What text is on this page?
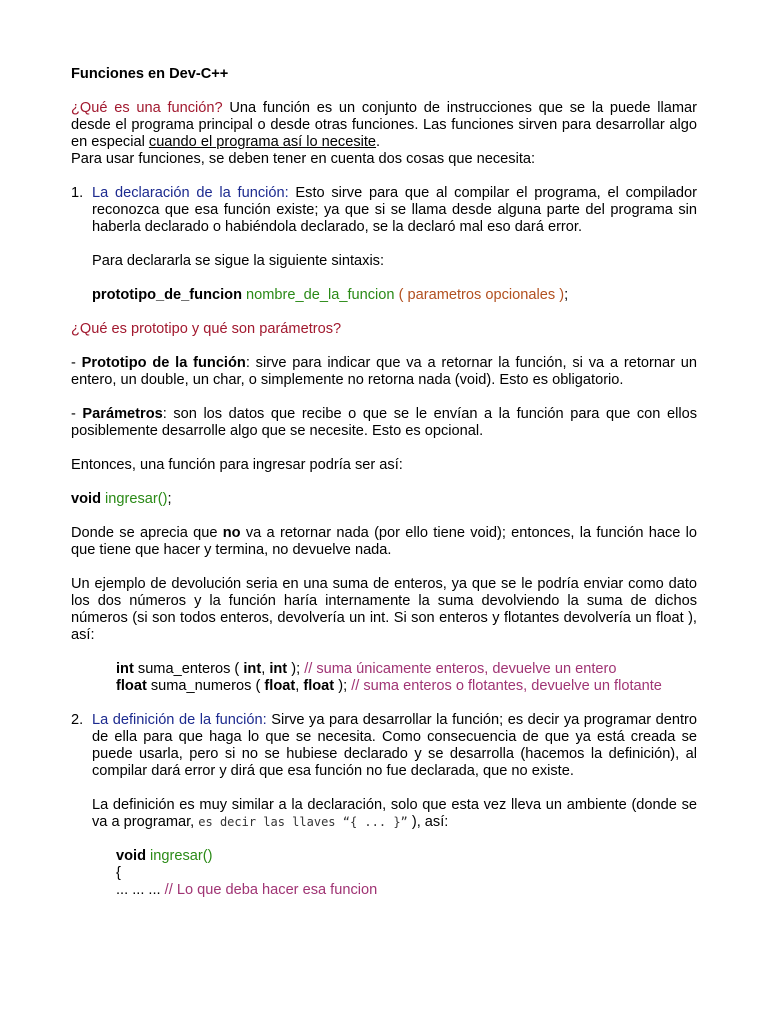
Funciones en Dev-C++

¿Qué es una función? Una función es un conjunto de instrucciones que se la puede llamar desde el programa principal o desde otras funciones. Las funciones sirven para desarrollar algo en especial cuando el programa así lo necesite.

Para usar funciones, se deben tener en cuenta dos cosas que necesita:

1. La declaración de la función: Esto sirve para que al compilar el programa, el compilador reconozca que esa función existe; ya que si se llama desde alguna parte del programa sin haberla declarado o habiéndola declarado, se la declaró mal eso dará error.

Para declararla se sigue la siguiente sintaxis:

prototipo_de_funcion nombre_de_la_funcion ( parametros opcionales );

¿Qué es prototipo y qué son parámetros?

- Prototipo de la función: sirve para indicar que va a retornar la función, si va a retornar un entero, un double, un char, o simplemente no retorna nada (void). Esto es obligatorio.

- Parámetros: son los datos que recibe o que se le envían a la función para que con ellos posiblemente desarrolle algo que se necesite. Esto es opcional.

Entonces, una función para ingresar podría ser así:

void ingresar();

Donde se aprecia que no va a retornar nada (por ello tiene void); entonces, la función hace lo que tiene que hacer y termina, no devuelve nada.

Un ejemplo de devolución seria en una suma de enteros, ya que se le podría enviar como dato los dos números y la función haría internamente la suma devolviendo la suma de dichos números (si son todos enteros, devolvería un int. Si son enteros y flotantes devolvería un float ), así:

int suma_enteros ( int, int ); // suma únicamente enteros, devuelve un entero

float suma_numeros ( float, float ); // suma enteros o flotantes, devuelve un flotante

2. La definición de la función: Sirve ya para desarrollar la función; es decir ya programar dentro de ella para que haga lo que se necesita. Como consecuencia de que ya está creada se puede usarla, pero si no se hubiese declarado y se desarrolla (hacemos la definición), al compilar dará error y dirá que esa función no fue declarada, que no existe.

La definición es muy similar a la declaración, solo que esta vez lleva un ambiente (donde se va a programar, es decir las llaves “{ ... }” ), así:

void ingresar()

{

... ... ... // Lo que deba hacer esa funcion
